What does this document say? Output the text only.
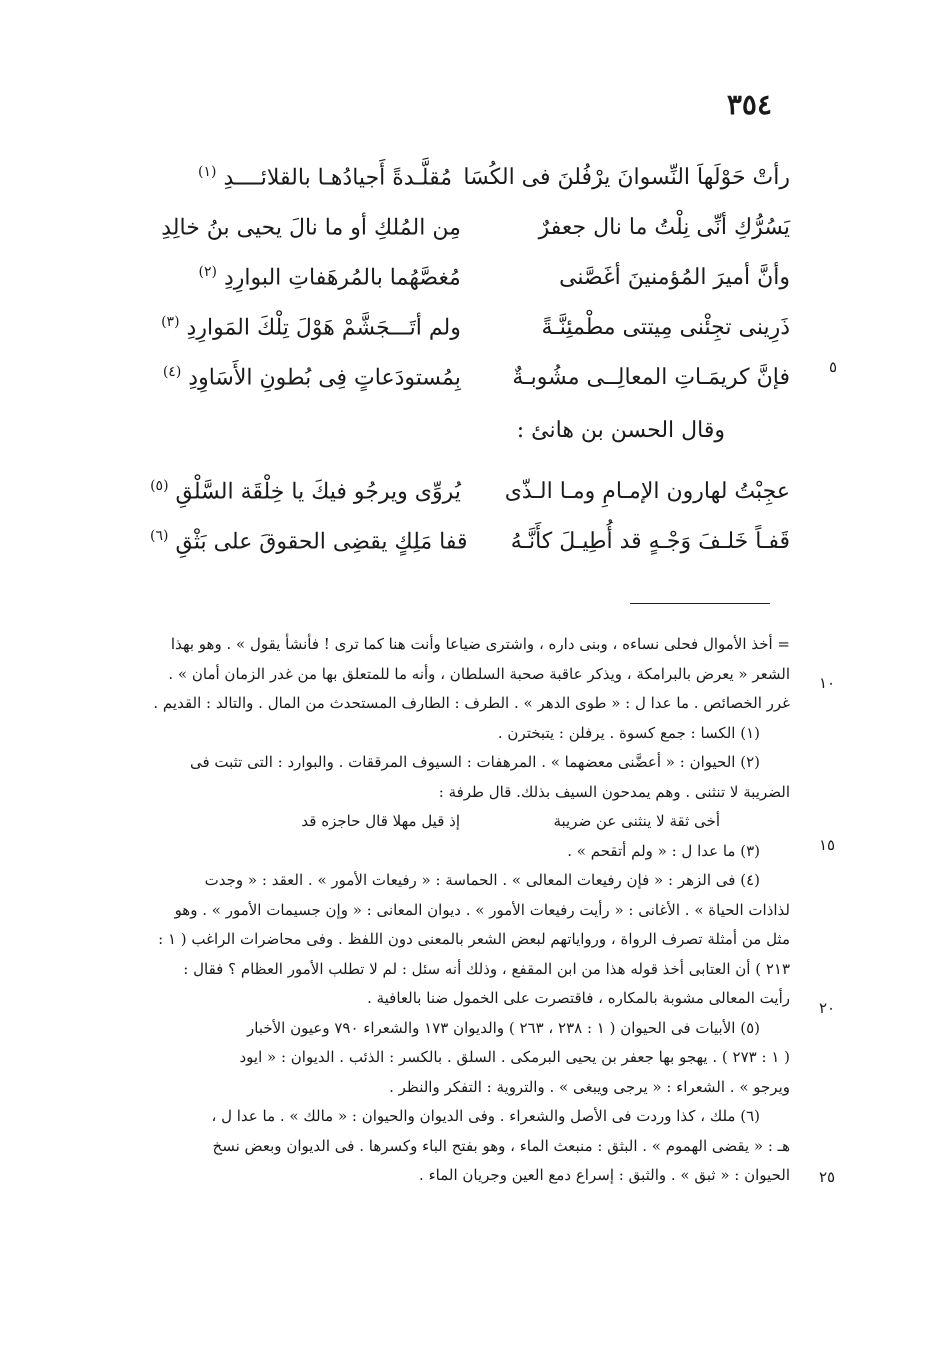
٣٥٤
رأتْ حَوْلَهاَ النِّسوانَ يرْفُلنَ فى الكُسَا
مُقلَّـدةً أَجيادُهـا بالقلائــــدِ $^{(١)}$
يَسُرُّكِ أنِّى نِلْتُ ما نال جعفرٌ
مِن المُلكِ أو ما نالَ يحيى بنُ خالِدِ
وأنَّ أميرَ المُؤمنينَ أغَصَّنى
مُغصَّهُما بالمُرهَفاتِ البوارِدِ $^{(٢)}$
ذَرِينى تجِئْنى مِيتتى مطْمئِنَّـةً
ولم أتَـــجَشَّمْ هَوْلَ تِلْكَ المَوارِدِ $^{(٣)}$
فإنَّ كريمَـاتِ المعالِــى مشُوبـةٌ
بِمُستودَعاتٍ فِى بُطونِ الأَسَاوِدِ $^{(٤)}$	٥
وقال الحسن بن هانئ :
عجِبْتُ لهارون الإمـامِ ومـا الـذّى
يُروِّى ويرجُو فيكَ يا خِلْقَة السَّلْقِ $^{(٥)}$
قَفـاً خَلـفَ وَجْـهٍ قد أُطِيـلَ كأَنَّـهُ
قفا مَلِكٍ يقضِى الحقوقَ على بَثْقِ $^{(٦)}$
= أخذ الأموال فحلى نساءه ، وبنى داره ، واشترى ضياعا وأنت هنا كما ترى ! فأنشأ يقول » . وهو بهذا
الشعر « يعرض بالبرامكة ، ويذكر عاقبة صحبة السلطان ، وأنه ما للمتعلق بها من غدر الزمان أمان » .
غرر الخصائص . ما عدا ل : « طوى الدهر » . الطرف : الطارف المستحدث من المال . والتالد : القديم .
(١) الكسا : جمع كسوة . يرفلن : يتبخترن .
(٢) الحيوان : « أعضَّنى معضهما » . المرهفات : السيوف المرققات . والبوارد : التى تثبت فى
الضريبة لا تنثنى . وهم يمدحون السيف بذلك. قال طرفة :
أخى ثقة لا ينثنى عن ضريبة
إذ قيل مهلا قال حاجزه قد
(٣) ما عدا ل : « ولم أتقحم » .
(٤) فى الزهر : « فإن رفيعات المعالى » . الحماسة : « رفيعات الأمور » . العقد : « وجدت
لذاذات الحياة » . الأغانى : « رأيت رفيعات الأمور » . ديوان المعانى : « وإن جسيمات الأمور » . وهو
مثل من أمثلة تصرف الرواة ، ورواياتهم لبعض الشعر بالمعنى دون اللفظ . وفى محاضرات الراغب ( ١ :
٢١٣ ) أن العتابى أخذ قوله هذا من ابن المقفع ، وذلك أنه سئل : لم لا تطلب الأمور العظام ؟ فقال :
رأيت المعالى مشوبة بالمكاره ، فاقتصرت على الخمول ضنا بالعافية .
(٥) الأبيات فى الحيوان ( ١ : ٢٣٨ ، ٢٦٣ ) والديوان ١٧٣ والشعراء ٧٩٠ وعيون الأخبار
( ١ : ٢٧٣ ) . يهجو بها جعفر بن يحيى البرمكى . السلق . بالكسر : الذئب . الديوان : « ايود
ويرجو » . الشعراء : « يرجى ويبغى » . والتروية : التفكر والنظر .
(٦) ملك ، كذا وردت فى الأصل والشعراء . وفى الديوان والحيوان : « مالك » . ما عدا ل ،
هـ : « يقضى الهموم » . البثق : منبعث الماء ، وهو بفتح الباء وكسرها . فى الديوان وبعض نسخ
الحيوان : « ثبق » . والثبق : إسراع دمع العين وجريان الماء .
١٠
١٥
٢٠
٢٥
